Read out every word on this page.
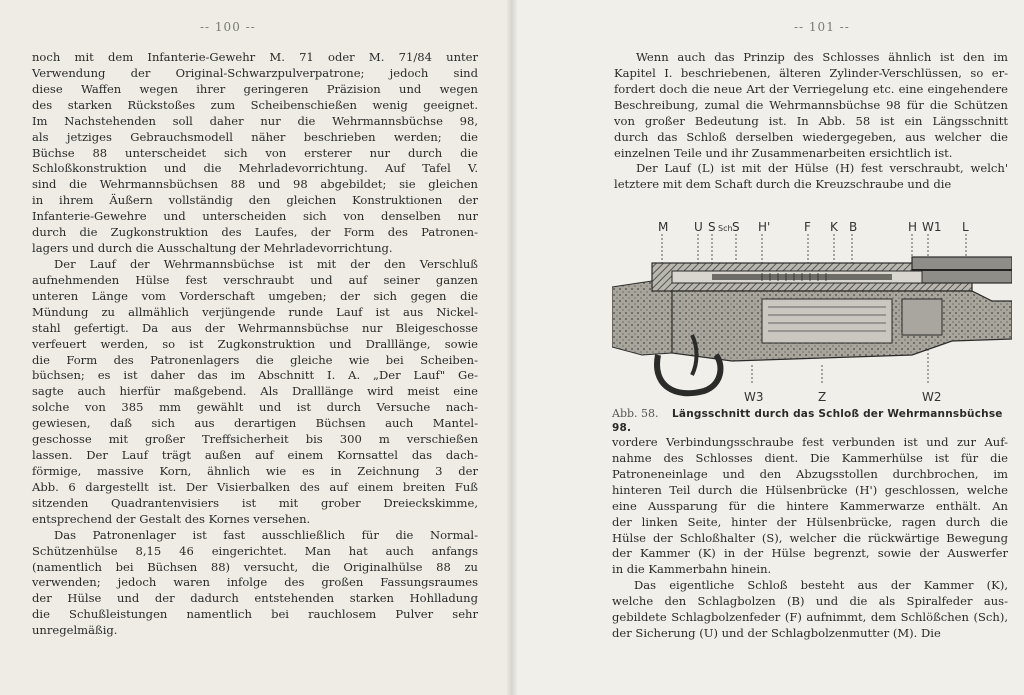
-- 100 --

noch mit dem Infanterie-Gewehr M. 71 oder M. 71/84 unter
Verwendung der Original-Schwarzpulverpatrone; jedoch sind
diese Waffen wegen ihrer geringeren Präzision und wegen
des starken Rückstoßes zum Scheibenschießen wenig geeignet.
Im Nachstehenden soll daher nur die Wehrmannsbüchse 98,
als jetziges Gebrauchsmodell näher beschrieben werden; die
Büchse 88 unterscheidet sich von ersterer nur durch die
Schloßkonstruktion und die Mehrladevorrichtung. Auf Tafel V.
sind die Wehrmannsbüchsen 88 und 98 abgebildet; sie gleichen
in ihrem Äußern vollständig den gleichen Konstruktionen der
Infanterie-Gewehre und unterscheiden sich von denselben nur
durch die Zugkonstruktion des Laufes, der Form des Patronen-
lagers und durch die Ausschaltung der Mehrladevorrichtung.
Der Lauf der Wehrmannsbüchse ist mit der den Verschluß
aufnehmenden Hülse fest verschraubt und auf seiner ganzen
unteren Länge vom Vorderschaft umgeben; der sich gegen die
Mündung zu allmählich verjüngende runde Lauf ist aus Nickel-
stahl gefertigt. Da aus der Wehrmannsbüchse nur Bleigeschosse
verfeuert werden, so ist Zugkonstruktion und Dralllänge, sowie
die Form des Patronenlagers die gleiche wie bei Scheiben-
büchsen; es ist daher das im Abschnitt I. A. „Der Lauf" Ge-
sagte auch hierfür maßgebend. Als Dralllänge wird meist eine
solche von 385 mm gewählt und ist durch Versuche nach-
gewiesen, daß sich aus derartigen Büchsen auch Mantel-
geschosse mit großer Treffsicherheit bis 300 m verschießen
lassen. Der Lauf trägt außen auf einem Kornsattel das dach-
förmige, massive Korn, ähnlich wie es in Zeichnung 3 der
Abb. 6 dargestellt ist. Der Visierbalken des auf einem breiten Fuß
sitzenden Quadrantenvisiers ist mit grober Dreieckskimme,
entsprechend der Gestalt des Kornes versehen.
Das Patronenlager ist fast ausschließlich für die Normal-
Schützenhülse 8,15 46 eingerichtet. Man hat auch anfangs
(namentlich bei Büchsen 88) versucht, die Originalhülse 88 zu
verwenden; jedoch waren infolge des großen Fassungsraumes
der Hülse und der dadurch entstehenden starken Hohlladung
die Schußleistungen namentlich bei rauchlosem Pulver sehr
unregelmäßig.

-- 101 --

Wenn auch das Prinzip des Schlosses ähnlich ist den im
Kapitel I. beschriebenen, älteren Zylinder-Verschlüssen, so er-
fordert doch die neue Art der Verriegelung etc. eine eingehendere
Beschreibung, zumal die Wehrmannsbüchse 98 für die Schützen
von großer Bedeutung ist. In Abb. 58 ist ein Längsschnitt
durch das Schloß derselben wiedergegeben, aus welcher die
einzelnen Teile und ihr Zusammenarbeiten ersichtlich ist.
Der Lauf (L) ist mit der Hülse (H) fest verschraubt, welch'
letztere mit dem Schaft durch die Kreuzschraube und die

M U S Sch S H'	F K B	H W1 L
W3	Z	W2
Abb. 58. Längsschnitt durch das Schloß der Wehrmannsbüchse 98.

vordere Verbindungsschraube fest verbunden ist und zur Auf-
nahme des Schlosses dient. Die Kammerhülse ist für die
Patroneneinlage und den Abzugsstollen durchbrochen, im
hinteren Teil durch die Hülsenbrücke (H') geschlossen, welche
eine Aussparung für die hintere Kammerwarze enthält. An
der linken Seite, hinter der Hülsenbrücke, ragen durch die
Hülse der Schloßhalter (S), welcher die rückwärtige Bewegung
der Kammer (K) in der Hülse begrenzt, sowie der Auswerfer
in die Kammerbahn hinein.
Das eigentliche Schloß besteht aus der Kammer (K),
welche den Schlagbolzen (B) und die als Spiralfeder aus-
gebildete Schlagbolzenfeder (F) aufnimmt, dem Schlößchen (Sch),
der Sicherung (U) und der Schlagbolzenmutter (M). Die
